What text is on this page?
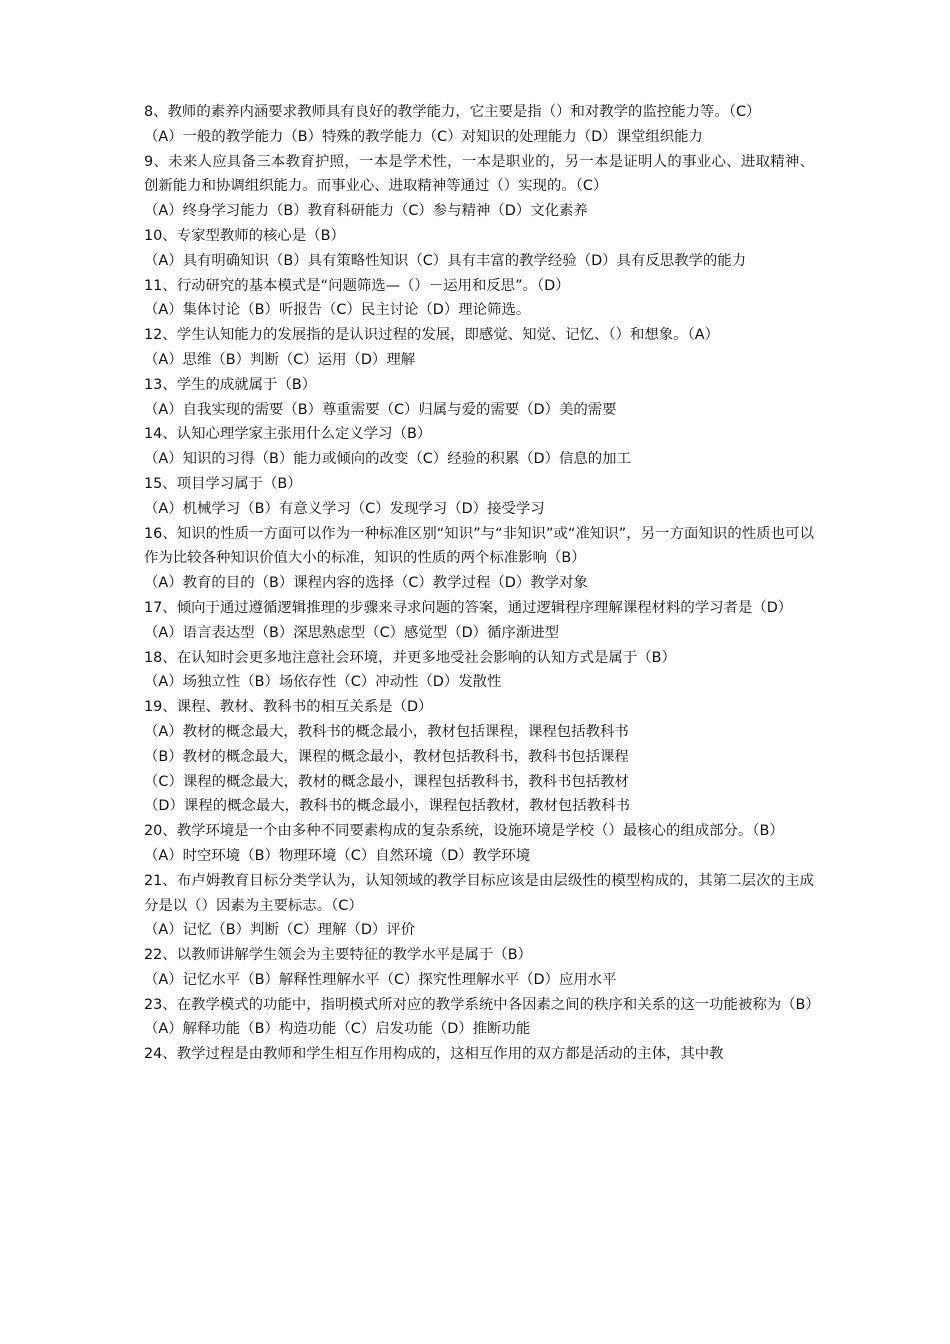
8、教师的素养内涵要求教师具有良好的教学能力，它主要是指（）和对教学的监控能力等。（C）

（A）一般的教学能力（B）特殊的教学能力（C）对知识的处理能力（D）课堂组织能力

9、未来人应具备三本教育护照，一本是学术性，一本是职业的，另一本是证明人的事业心、进取精神、创新能力和协调组织能力。而事业心、进取精神等通过（）实现的。（C）

（A）终身学习能力（B）教育科研能力（C）参与精神（D）文化素养

10、专家型教师的核心是（B）

（A）具有明确知识（B）具有策略性知识（C）具有丰富的教学经验（D）具有反思教学的能力

11、行动研究的基本模式是“问题筛选—（）－运用和反思”。（D）

（A）集体讨论（B）听报告（C）民主讨论（D）理论筛选。

12、学生认知能力的发展指的是认识过程的发展，即感觉、知觉、记忆、（）和想象。（A）

（A）思维（B）判断（C）运用（D）理解

13、学生的成就属于（B）

（A）自我实现的需要（B）尊重需要（C）归属与爱的需要（D）美的需要

14、认知心理学家主张用什么定义学习（B）

（A）知识的习得（B）能力或倾向的改变（C）经验的积累（D）信息的加工

15、项目学习属于（B）

（A）机械学习（B）有意义学习（C）发现学习（D）接受学习

16、知识的性质一方面可以作为一种标准区别“知识”与“非知识”或“准知识”，另一方面知识的性质也可以作为比较各种知识价值大小的标准，知识的性质的两个标准影响（B）

（A）教育的目的（B）课程内容的选择（C）教学过程（D）教学对象

17、倾向于通过遵循逻辑推理的步骤来寻求问题的答案，通过逻辑程序理解课程材料的学习者是（D）

（A）语言表达型（B）深思熟虑型（C）感觉型（D）循序渐进型

18、在认知时会更多地注意社会环境，并更多地受社会影响的认知方式是属于（B）

（A）场独立性（B）场依存性（C）冲动性（D）发散性

19、课程、教材、教科书的相互关系是（D）

（A）教材的概念最大，教科书的概念最小，教材包括课程，课程包括教科书

（B）教材的概念最大，课程的概念最小，教材包括教科书，教科书包括课程

（C）课程的概念最大，教材的概念最小，课程包括教科书，教科书包括教材

（D）课程的概念最大，教科书的概念最小，课程包括教材，教材包括教科书

20、教学环境是一个由多种不同要素构成的复杂系统，设施环境是学校（）最核心的组成部分。（B）

（A）时空环境（B）物理环境（C）自然环境（D）教学环境

21、布卢姆教育目标分类学认为，认知领域的教学目标应该是由层级性的模型构成的，其第二层次的主成分是以（）因素为主要标志。（C）

（A）记忆（B）判断（C）理解（D）评价

22、以教师讲解学生领会为主要特征的教学水平是属于（B）

（A）记忆水平（B）解释性理解水平（C）探究性理解水平（D）应用水平

23、在教学模式的功能中，指明模式所对应的教学系统中各因素之间的秩序和关系的这一功能被称为（B）

（A）解释功能（B）构造功能（C）启发功能（D）推断功能

24、教学过程是由教师和学生相互作用构成的，这相互作用的双方都是活动的主体，其中教
